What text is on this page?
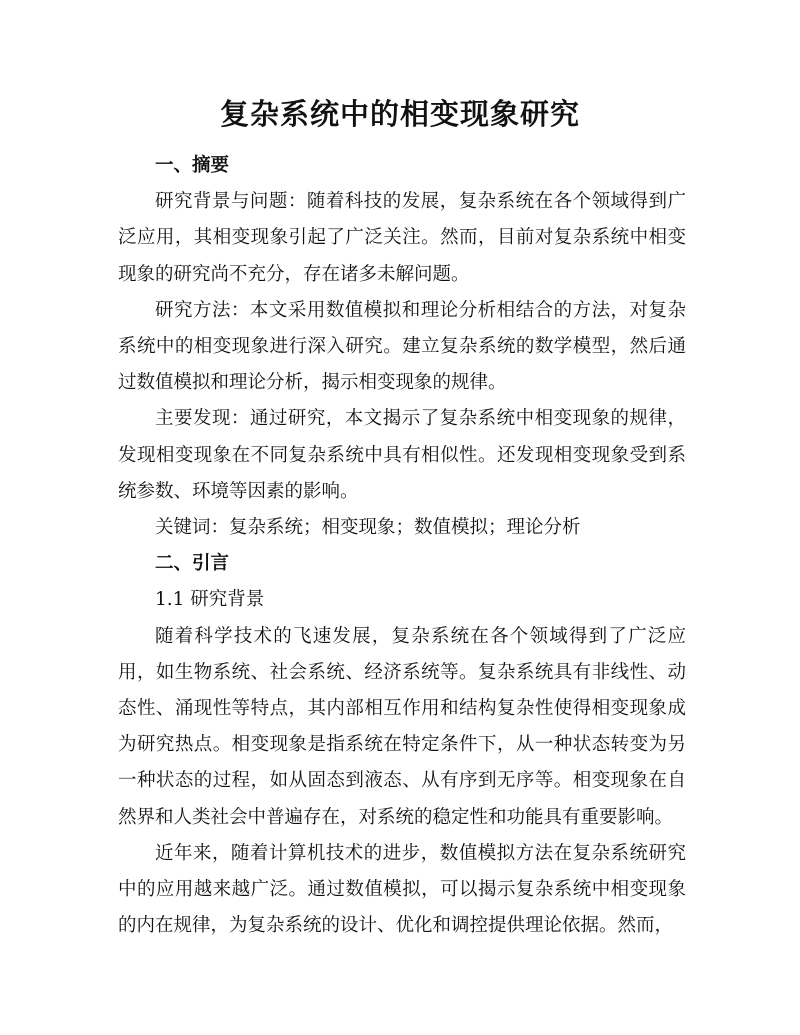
复杂系统中的相变现象研究

一、摘要

研究背景与问题：随着科技的发展，复杂系统在各个领域得到广泛应用，其相变现象引起了广泛关注。然而，目前对复杂系统中相变现象的研究尚不充分，存在诸多未解问题。

研究方法：本文采用数值模拟和理论分析相结合的方法，对复杂系统中的相变现象进行深入研究。建立复杂系统的数学模型，然后通过数值模拟和理论分析，揭示相变现象的规律。

主要发现：通过研究，本文揭示了复杂系统中相变现象的规律，发现相变现象在不同复杂系统中具有相似性。还发现相变现象受到系统参数、环境等因素的影响。

关键词：复杂系统；相变现象；数值模拟；理论分析

二、引言

1.1 研究背景

随着科学技术的飞速发展，复杂系统在各个领域得到了广泛应用，如生物系统、社会系统、经济系统等。复杂系统具有非线性、动态性、涌现性等特点，其内部相互作用和结构复杂性使得相变现象成为研究热点。相变现象是指系统在特定条件下，从一种状态转变为另一种状态的过程，如从固态到液态、从有序到无序等。相变现象在自然界和人类社会中普遍存在，对系统的稳定性和功能具有重要影响。

近年来，随着计算机技术的进步，数值模拟方法在复杂系统研究中的应用越来越广泛。通过数值模拟，可以揭示复杂系统中相变现象的内在规律，为复杂系统的设计、优化和调控提供理论依据。然而，
